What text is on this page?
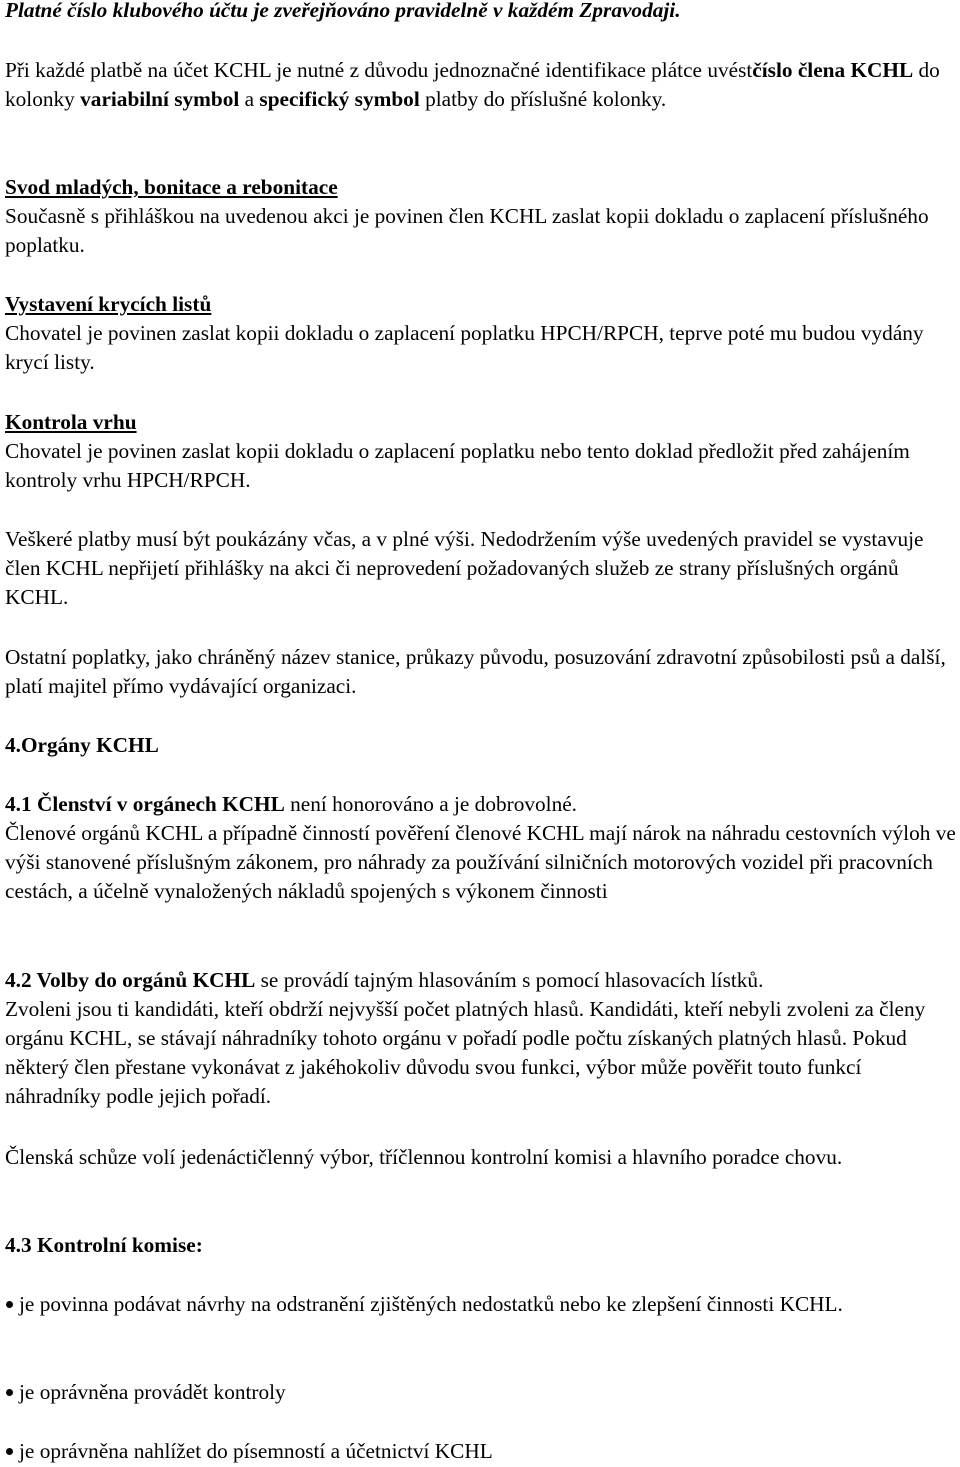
Platné číslo klubového účtu je zveřejňováno pravidelně v každém Zpravodaji.

Při každé platbě na účet KCHL je nutné z důvodu jednoznačné identifikace plátce uvéstčíslo člena KCHL do kolonky variabilní symbol a specifický symbol platby do příslušné kolonky.

Svod mladých, bonitace a rebonitace
Současně s přihláškou na uvedenou akci je povinen člen KCHL zaslat kopii dokladu o zaplacení příslušného poplatku.
Vystavení krycích listů
Chovatel je povinen zaslat kopii dokladu o zaplacení poplatku HPCH/RPCH, teprve poté mu budou vydány krycí listy.
Kontrola vrhu
Chovatel je povinen zaslat kopii dokladu o zaplacení poplatku nebo tento doklad předložit před zahájením kontroly vrhu HPCH/RPCH.

Veškeré platby musí být poukázány včas, a v plné výši. Nedodržením výše uvedených pravidel se vystavuje člen KCHL nepřijetí přihlášky na akci či neprovedení požadovaných služeb ze strany příslušných orgánů KCHL.

Ostatní poplatky, jako chráněný název stanice, průkazy původu, posuzování zdravotní způsobilosti psů a další, platí majitel přímo vydávající organizaci.

4.Orgány KCHL

4.1 Členství v orgánech KCHL není honorováno a je dobrovolné.
Členové orgánů KCHL a případně činností pověření členové KCHL mají nárok na náhradu cestovních výloh ve výši stanovené příslušným zákonem, pro náhrady za používání silničních motorových vozidel při pracovních cestách, a účelně vynaložených nákladů spojených s výkonem činnosti
4.2 Volby do orgánů KCHL se provádí tajným hlasováním s pomocí hlasovacích lístků.
Zvoleni jsou ti kandidáti, kteří obdrží nejvyšší počet platných hlasů. Kandidáti, kteří nebyli zvoleni za členy orgánu KCHL, se stávají náhradníky tohoto orgánu v pořadí podle počtu získaných platných hlasů. Pokud některý člen přestane vykonávat z jakéhokoliv důvodu svou funkci, výbor může pověřit touto funkcí náhradníky podle jejich pořadí.

Členská schůze volí jedenáctičlenný výbor, tříčlennou kontrolní komisi a hlavního poradce chovu.

4.3 Kontrolní komise:

je povinna podávat návrhy na odstranění zjištěných nedostatků nebo ke zlepšení činnosti KCHL.
je oprávněna provádět kontroly
je oprávněna nahlížet do písemností a účetnictví KCHL
